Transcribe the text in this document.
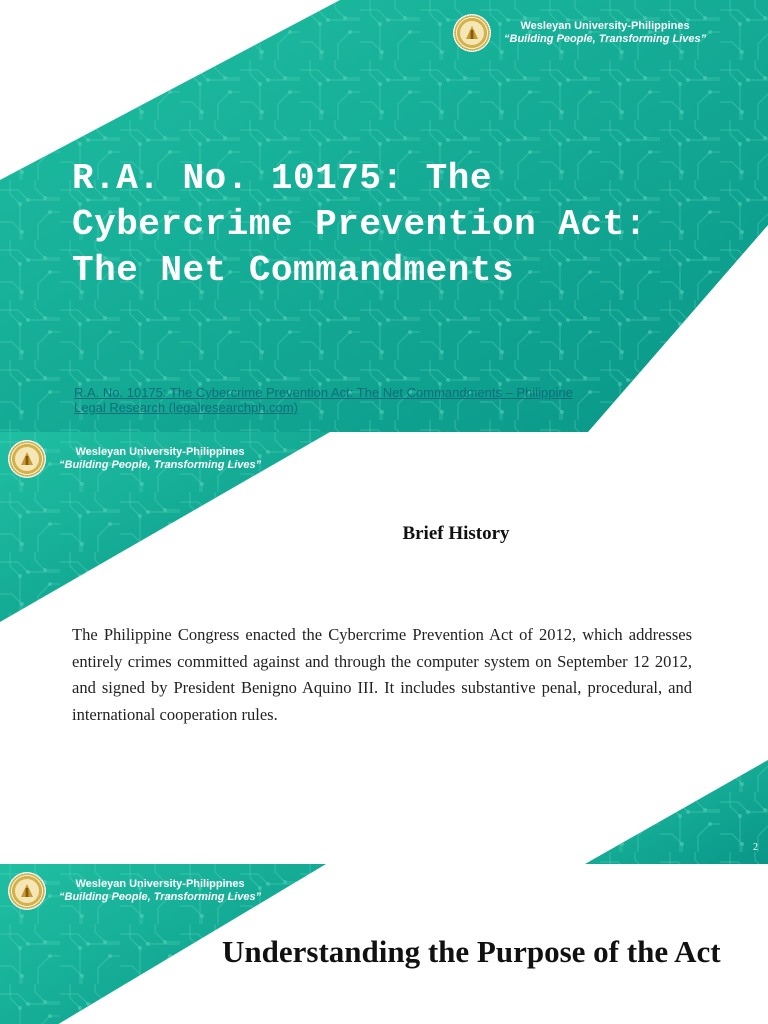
Wesleyan University-Philippines
“Building People, Transforming Lives”
R.A. No. 10175: The Cybercrime Prevention Act: The Net Commandments

R.A. No. 10175: The Cybercrime Prevention Act: The Net Commandments – Philippine Legal Research (legalresearchph.com)

Wesleyan University-Philippines
“Building People, Transforming Lives”
Brief History

The Philippine Congress enacted the Cybercrime Prevention Act of 2012, which addresses entirely crimes committed against and through the computer system on September 12 2012, and signed by President Benigno Aquino III. It includes substantive penal, procedural, and international cooperation rules.

2

Wesleyan University-Philippines
“Building People, Transforming Lives”
Understanding the Purpose of the Act
